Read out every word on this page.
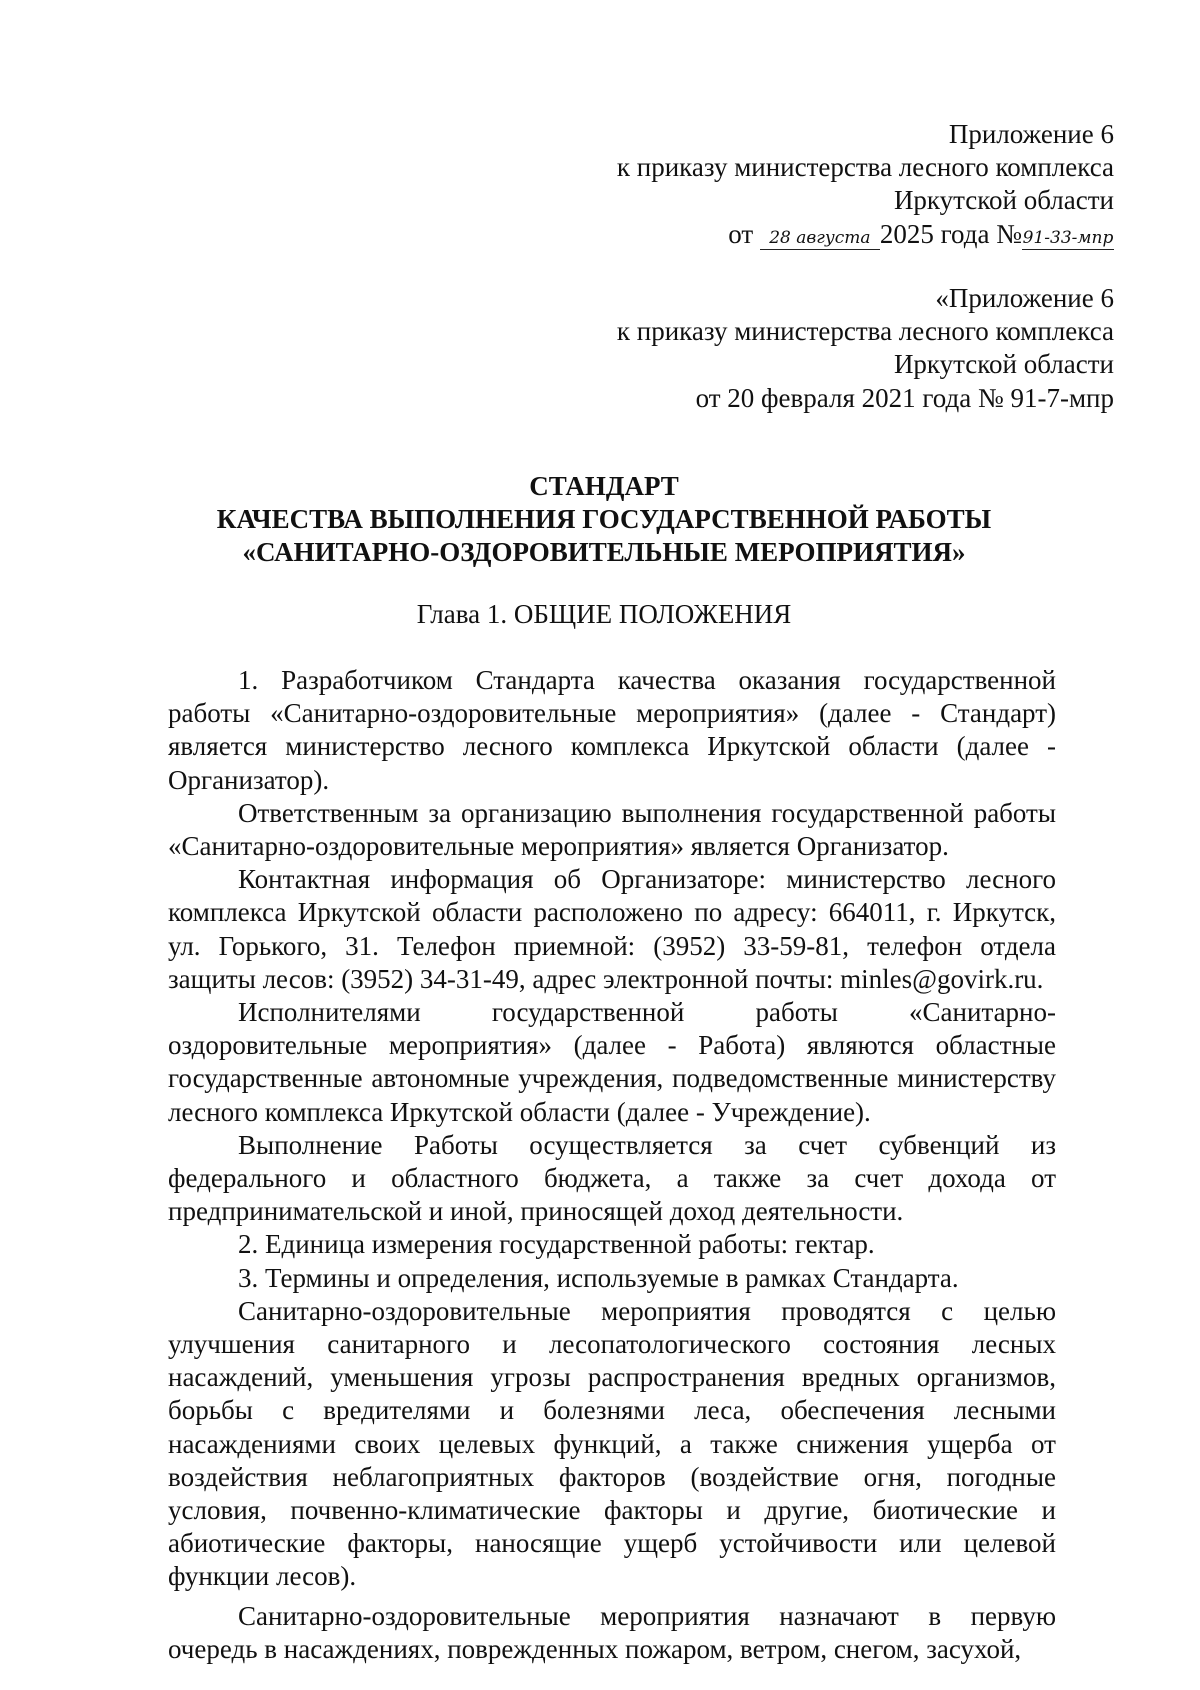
Приложение 6
к приказу министерства лесного комплекса
Иркутской области
от 28 августа 2025 года №91-33-мпр
«Приложение 6
к приказу министерства лесного комплекса
Иркутской области
от 20 февраля 2021 года № 91-7-мпр
СТАНДАРТ
КАЧЕСТВА ВЫПОЛНЕНИЯ ГОСУДАРСТВЕННОЙ РАБОТЫ
«САНИТАРНО-ОЗДОРОВИТЕЛЬНЫЕ МЕРОПРИЯТИЯ»
Глава 1. ОБЩИЕ ПОЛОЖЕНИЯ

1. Разработчиком Стандарта качества оказания государственной работы «Санитарно-оздоровительные мероприятия» (далее - Стандарт) является министерство лесного комплекса Иркутской области (далее - Организатор).

Ответственным за организацию выполнения государственной работы «Санитарно-оздоровительные мероприятия» является Организатор.

Контактная информация об Организаторе: министерство лесного комплекса Иркутской области расположено по адресу: 664011, г. Иркутск, ул. Горького, 31. Телефон приемной: (3952) 33-59-81, телефон отдела защиты лесов: (3952) 34-31-49, адрес электронной почты: minles@govirk.ru.

Исполнителями государственной работы «Санитарно-оздоровительные мероприятия» (далее - Работа) являются областные государственные автономные учреждения, подведомственные министерству лесного комплекса Иркутской области (далее - Учреждение).

Выполнение Работы осуществляется за счет субвенций из федерального и областного бюджета, а также за счет дохода от предпринимательской и иной, приносящей доход деятельности.

2. Единица измерения государственной работы: гектар.

3. Термины и определения, используемые в рамках Стандарта.

Санитарно-оздоровительные мероприятия проводятся с целью улучшения санитарного и лесопатологического состояния лесных насаждений, уменьшения угрозы распространения вредных организмов, борьбы с вредителями и болезнями леса, обеспечения лесными насаждениями своих целевых функций, а также снижения ущерба от воздействия неблагоприятных факторов (воздействие огня, погодные условия, почвенно-климатические факторы и другие, биотические и абиотические факторы, наносящие ущерб устойчивости или целевой функции лесов).

Санитарно-оздоровительные мероприятия назначают в первую очередь в насаждениях, поврежденных пожаром, ветром, снегом, засухой,
